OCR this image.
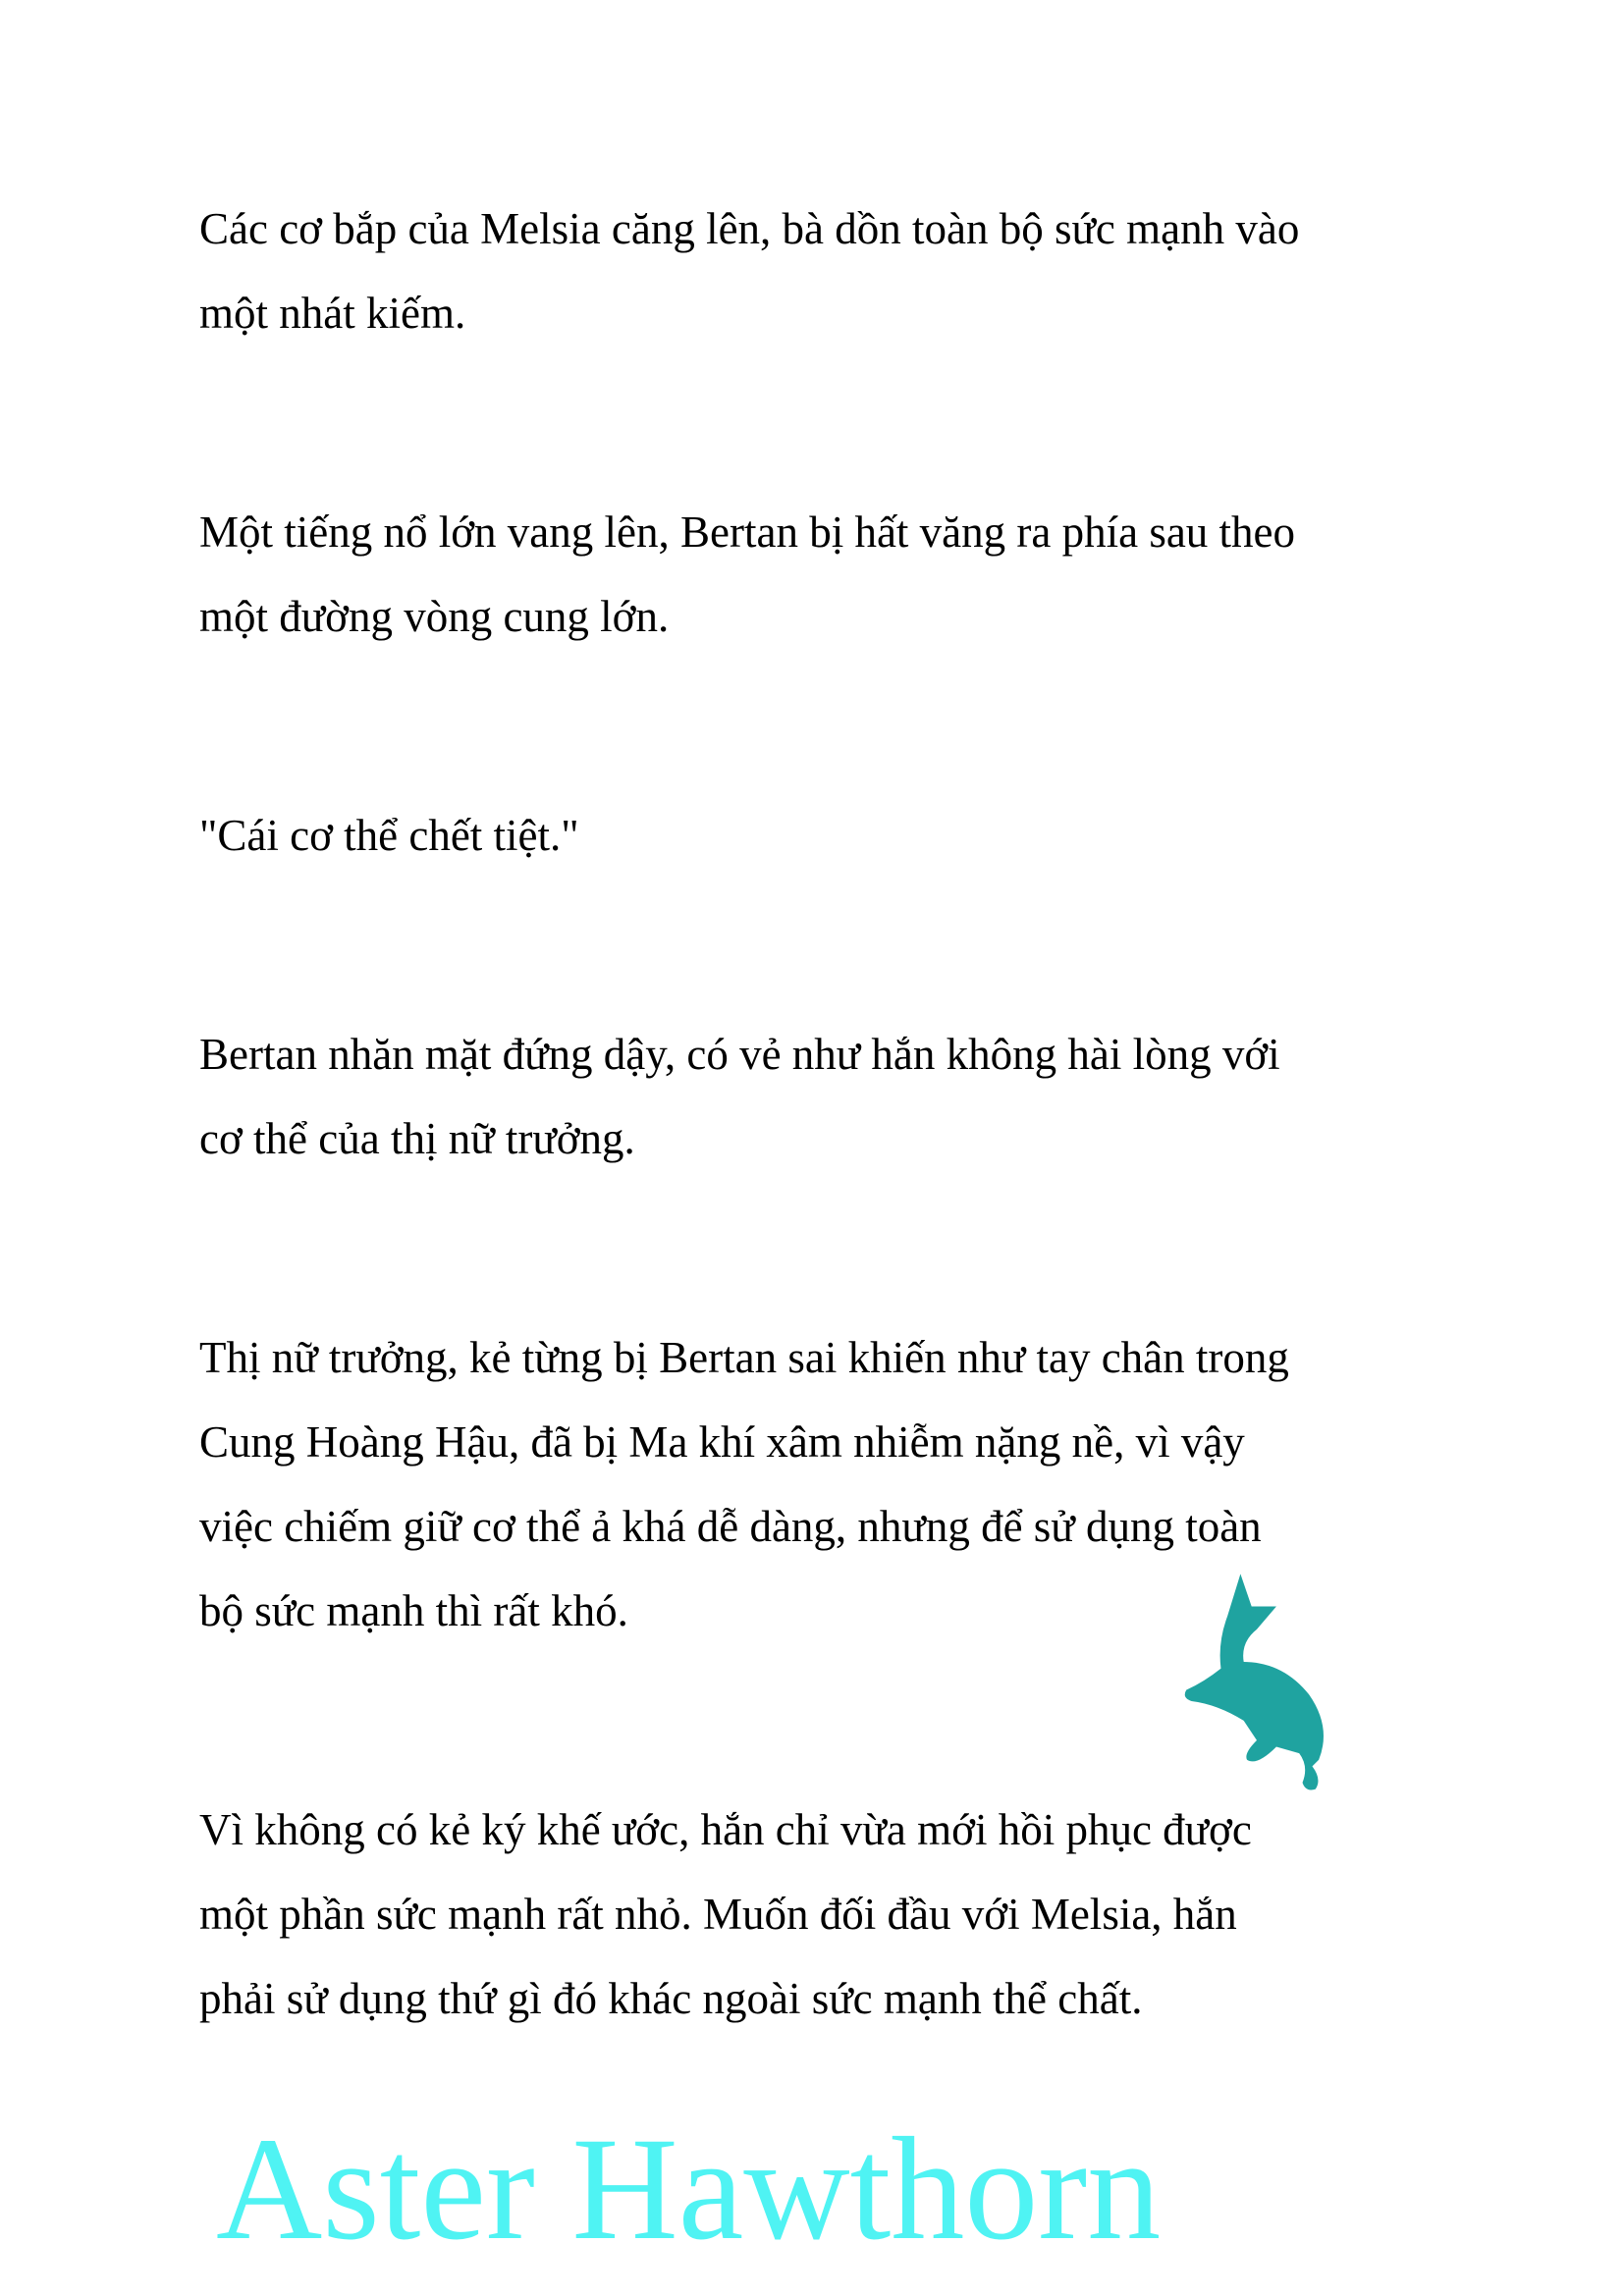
Các cơ bắp của Melsia căng lên, bà dồn toàn bộ sức mạnh vào
một nhát kiếm.

Một tiếng nổ lớn vang lên, Bertan bị hất văng ra phía sau theo
một đường vòng cung lớn.

"Cái cơ thể chết tiệt."

Bertan nhăn mặt đứng dậy, có vẻ như hắn không hài lòng với
cơ thể của thị nữ trưởng.

Thị nữ trưởng, kẻ từng bị Bertan sai khiến như tay chân trong
Cung Hoàng Hậu, đã bị Ma khí xâm nhiễm nặng nề, vì vậy
việc chiếm giữ cơ thể ả khá dễ dàng, nhưng để sử dụng toàn
bộ sức mạnh thì rất khó.

Vì không có kẻ ký khế ước, hắn chỉ vừa mới hồi phục được
một phần sức mạnh rất nhỏ. Muốn đối đầu với Melsia, hắn
phải sử dụng thứ gì đó khác ngoài sức mạnh thể chất.

Aster Hawthorn
